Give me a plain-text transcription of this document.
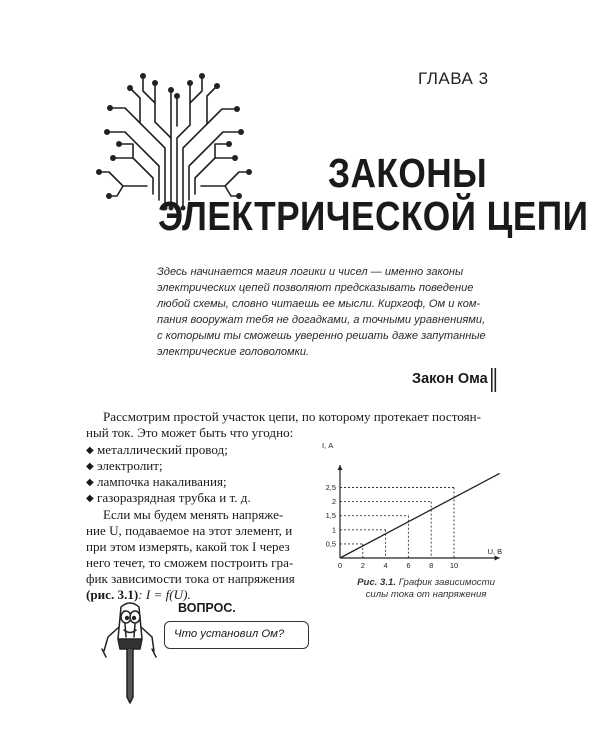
ГЛАВА 3
ЗАКОНЫ
ЭЛЕКТРИЧЕСКОЙ ЦЕПИ
Здесь начинается магия логики и чисел — именно законы
электрических цепей позволяют предсказывать поведение
любой схемы, словно читаешь ее мысли. Кирхгоф, Ом и ком-
пания вооружат тебя не догадками, а точными уравнениями,
с которыми ты сможешь уверенно решать даже запутанные
электрические головоломки.
Закон Ома
Рассмотрим простой участок цепи, по которому протекает постоян-
ный ток. Это может быть что угодно:
◆ металлический провод;
◆ электролит;
◆ лампочка накаливания;
◆ газоразрядная трубка и т. д.
Если мы будем менять напряже-
ние U, подаваемое на этот элемент, и
при этом измерять, какой ток I через
него течет, то сможем построить гра-
фик зависимости тока от напряжения
(рис. 3.1): I = f(U).
0 2 4 6 8 10
0,5
1
1,5
2
2,5
I, А
U, В
Рис. 3.1. График зависимости силы тока от напряжения
ВОПРОС.
Что установил Ом?
